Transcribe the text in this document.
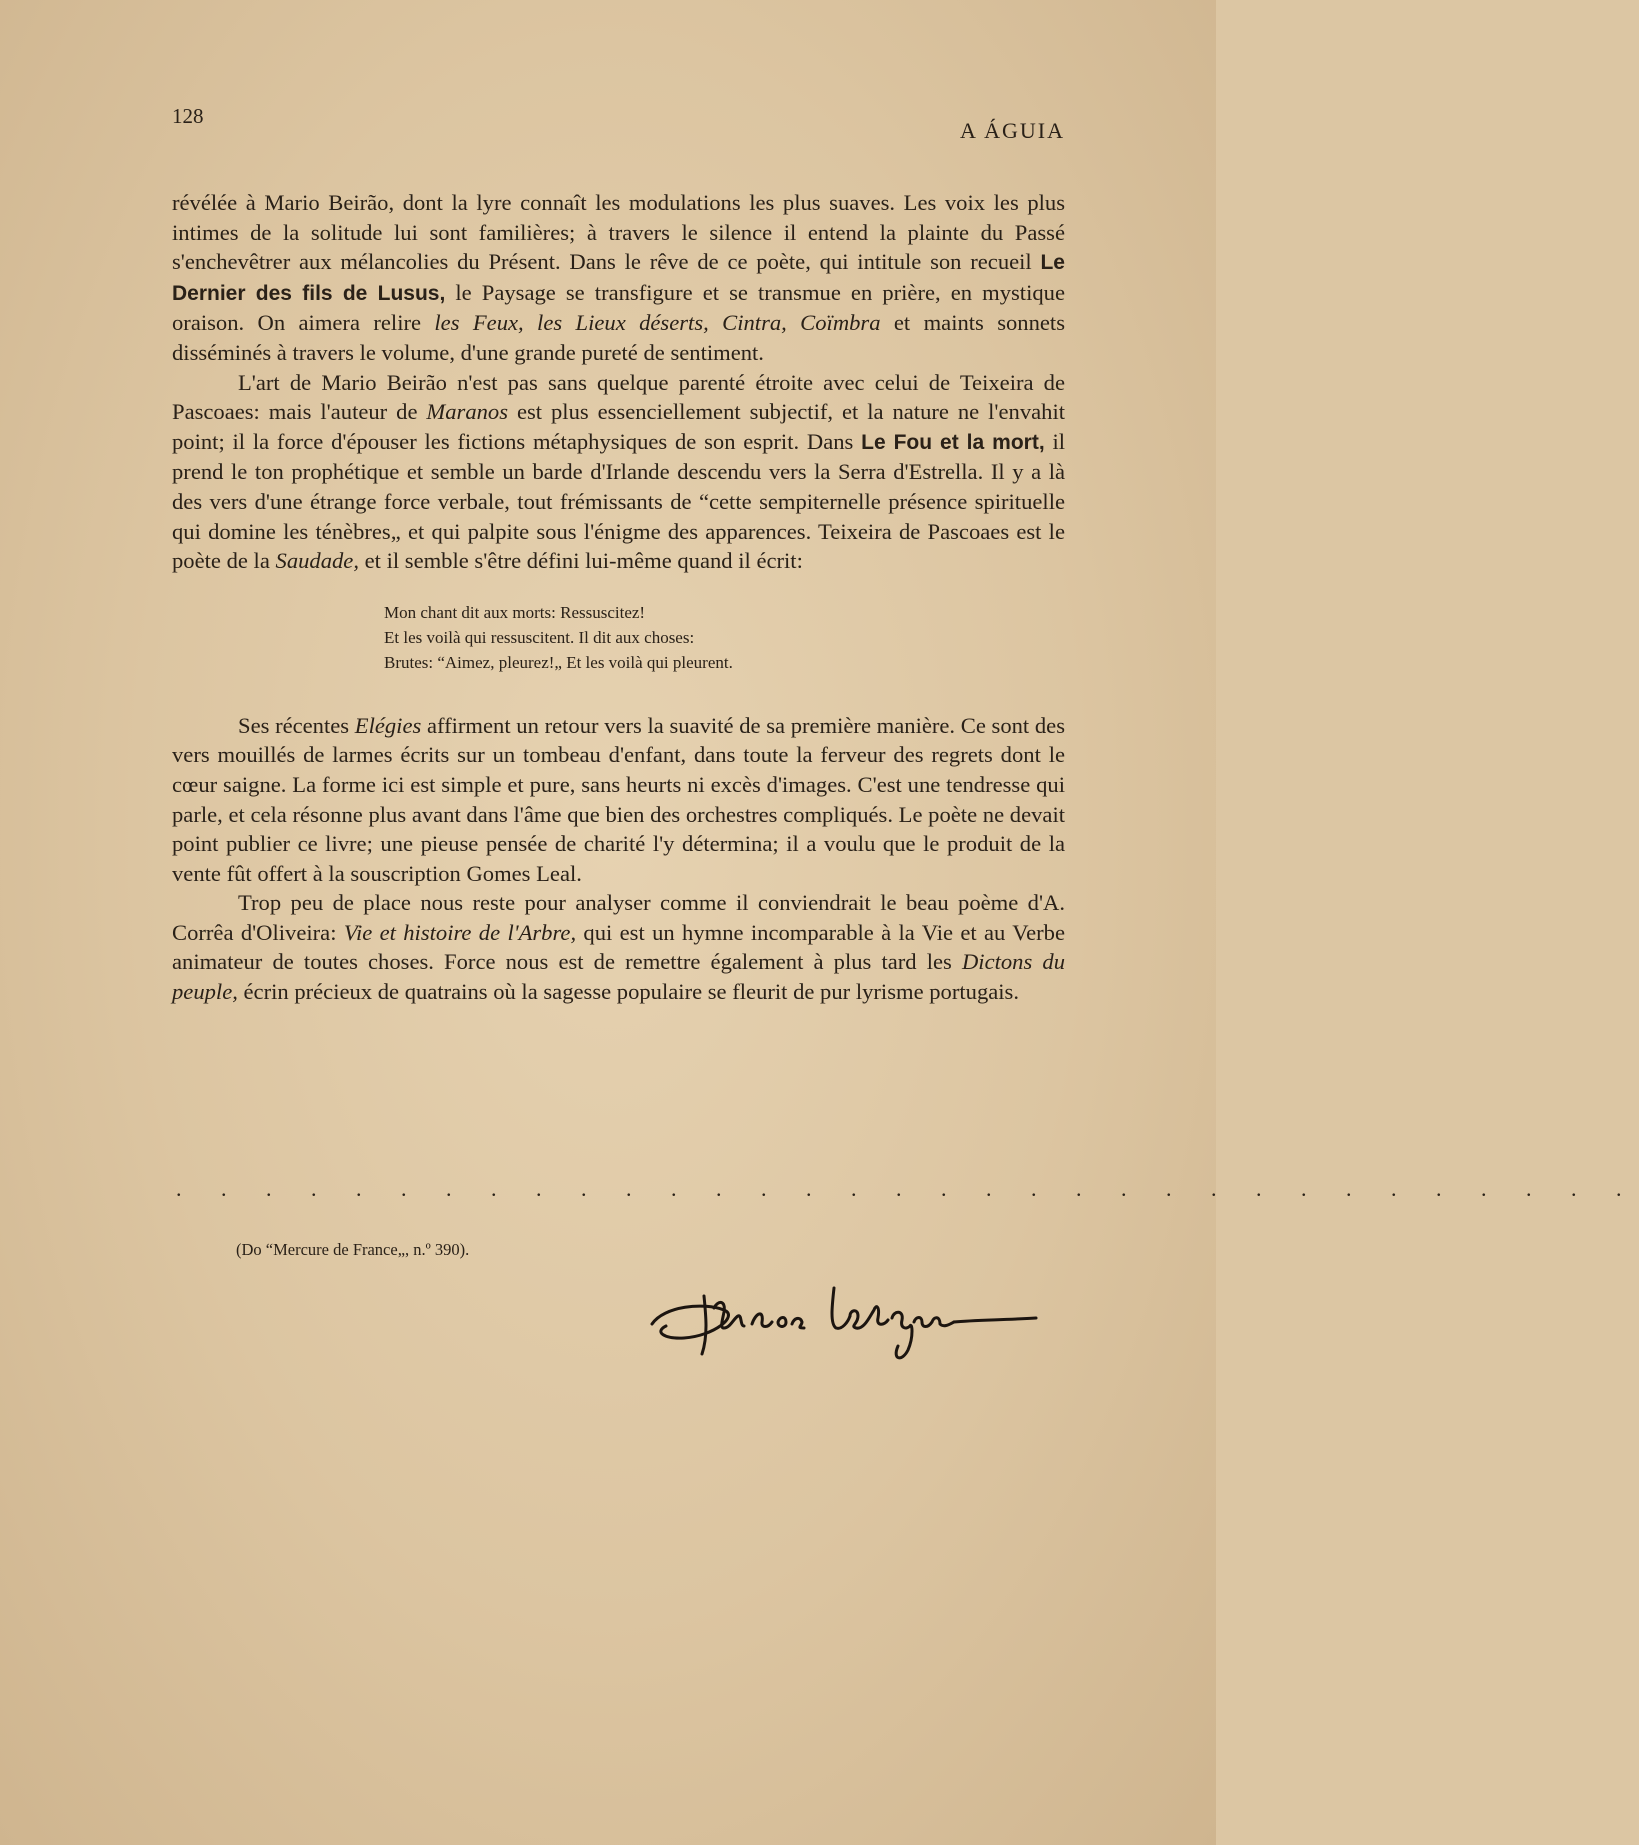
128
A ÁGUIA

révélée à Mario Beirão, dont la lyre connaît les modulations les plus suaves. Les voix les plus intimes de la solitude lui sont familières; à travers le silence il entend la plainte du Passé s'enchevêtrer aux mélancolies du Présent. Dans le rêve de ce poète, qui intitule son recueil Le Dernier des fils de Lusus, le Paysage se transfigure et se transmue en prière, en mystique oraison. On aimera relire les Feux, les Lieux déserts, Cintra, Coïmbra et maints sonnets disséminés à travers le volume, d'une grande pureté de sentiment.

L'art de Mario Beirão n'est pas sans quelque parenté étroite avec celui de Teixeira de Pascoaes: mais l'auteur de Maranos est plus essenciellement subjectif, et la nature ne l'envahit point; il la force d'épouser les fictions métaphysiques de son esprit. Dans Le Fou et la mort, il prend le ton prophétique et semble un barde d'Irlande descendu vers la Serra d'Estrella. Il y a là des vers d'une étrange force verbale, tout frémissants de “cette sempiternelle présence spirituelle qui domine les ténèbres„ et qui palpite sous l'énigme des apparences. Teixeira de Pascoaes est le poète de la Saudade, et il semble s'être défini lui-même quand il écrit:

Mon chant dit aux morts: Ressuscitez!
Et les voilà qui ressuscitent. Il dit aux choses:
Brutes: “Aimez, pleurez!„ Et les voilà qui pleurent.

Ses récentes Elégies affirment un retour vers la suavité de sa première manière. Ce sont des vers mouillés de larmes écrits sur un tombeau d'enfant, dans toute la ferveur des regrets dont le cœur saigne. La forme ici est simple et pure, sans heurts ni excès d'images. C'est une tendresse qui parle, et cela résonne plus avant dans l'âme que bien des orchestres compliqués. Le poète ne devait point publier ce livre; une pieuse pensée de charité l'y détermina; il a voulu que le produit de la vente fût offert à la souscription Gomes Leal.

Trop peu de place nous reste pour analyser comme il conviendrait le beau poème d'A. Corrêa d'Oliveira: Vie et histoire de l'Arbre, qui est un hymne incomparable à la Vie et au Verbe animateur de toutes choses. Force nous est de remettre également à plus tard les Dictons du peuple, écrin précieux de quatrains où la sagesse populaire se fleurit de pur lyrisme portugais.

. . . . . . . . . . . . . . . . . . . . . . . . . . . . . . . . .
(Do “Mercure de France„, n.º 390).
